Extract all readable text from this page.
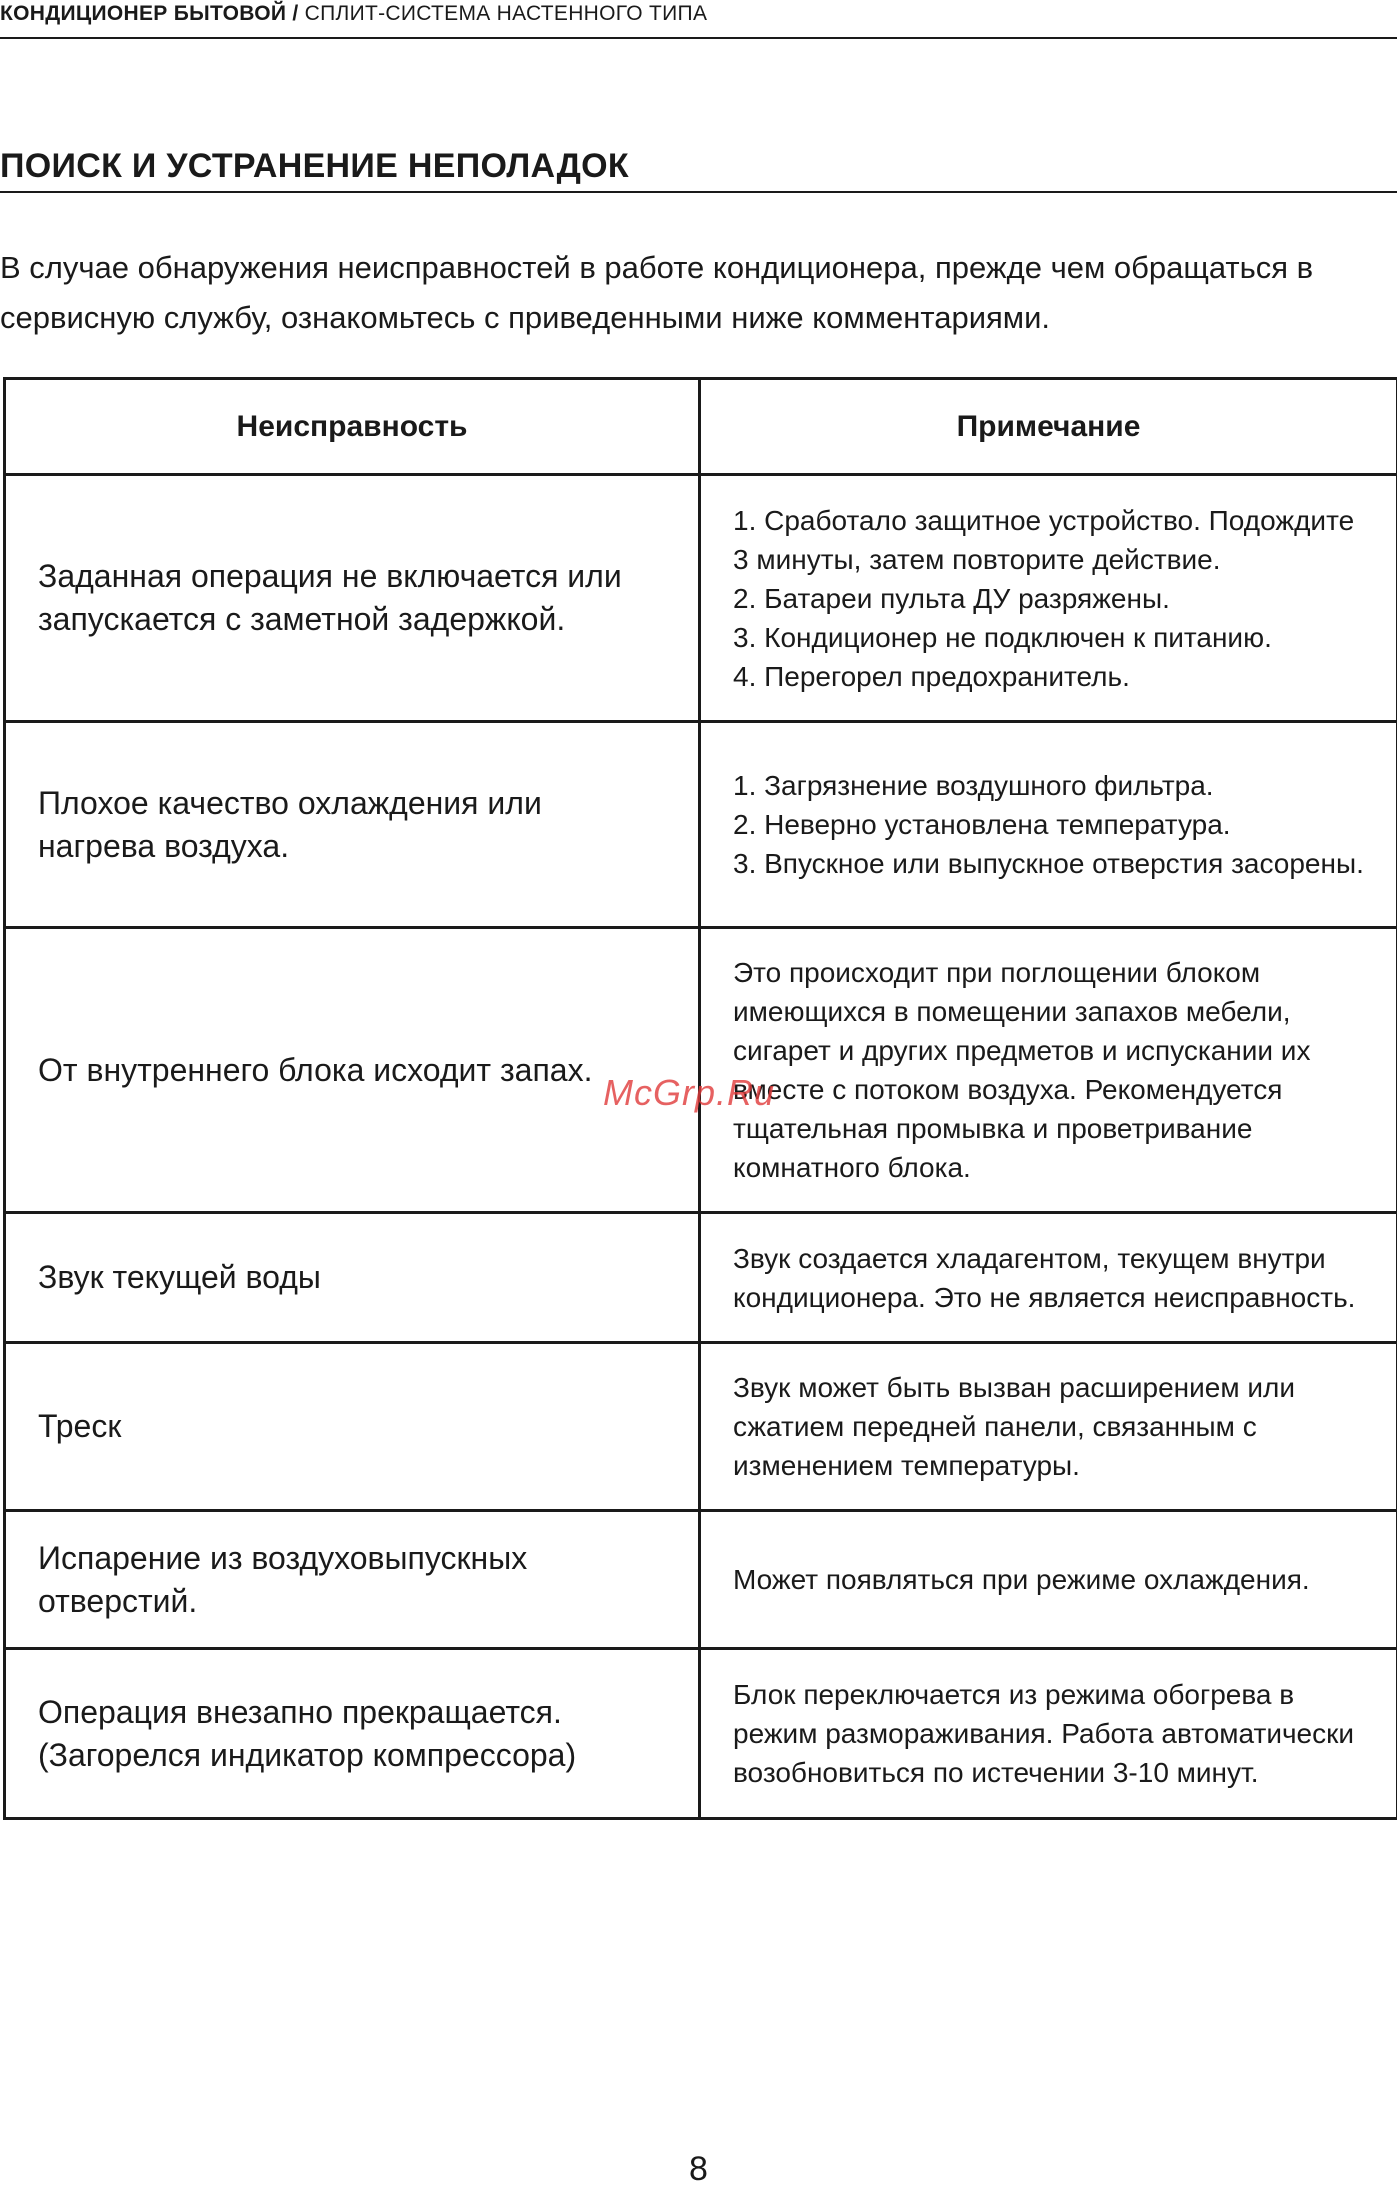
КОНДИЦИОНЕР БЫТОВОЙ / СПЛИТ-СИСТЕМА НАСТЕННОГО ТИПА
ПОИСК И УСТРАНЕНИЕ НЕПОЛАДОК
В случае обнаружения неисправностей в работе кондиционера, прежде чем обращаться в сервисную службу, ознакомьтесь с приведенными ниже комментариями.
Неисправность	Примечание
Заданная операция не включается или запускается с заметной задержкой.	1. Сработало защитное устройство. Подождите 3 минуты, затем повторите действие.
2. Батареи пульта ДУ разряжены.
3. Кондиционер не подключен к питанию.
4. Перегорел предохранитель.

Плохое качество охлаждения или нагрева воздуха.	1. Загрязнение воздушного фильтра.
2. Неверно установлена температура.
3. Впускное или выпускное отверстия засорены.

От внутреннего блока исходит запах.	Это происходит при поглощении блоком имеющихся в помещении запахов мебели, сигарет и других предметов и испускании их вместе с потоком воздуха. Рекомендуется тщательная промывка и проветривание комнатного блока.

Звук текущей воды	Звук создается хладагентом, текущем внутри кондиционера. Это не является неисправность.

Треск	Звук может быть вызван расширением или сжатием передней панели, связанным с изменением температуры.

Испарение из воздуховыпускных отверстий.	Может появляться при режиме охлаждения.

Операция внезапно прекращается. (Загорелся индикатор компрессора)	Блок переключается из режима обогрева в режим размораживания. Работа автоматически возобновиться по истечении 3-10 минут.
McGrp.Ru
8
